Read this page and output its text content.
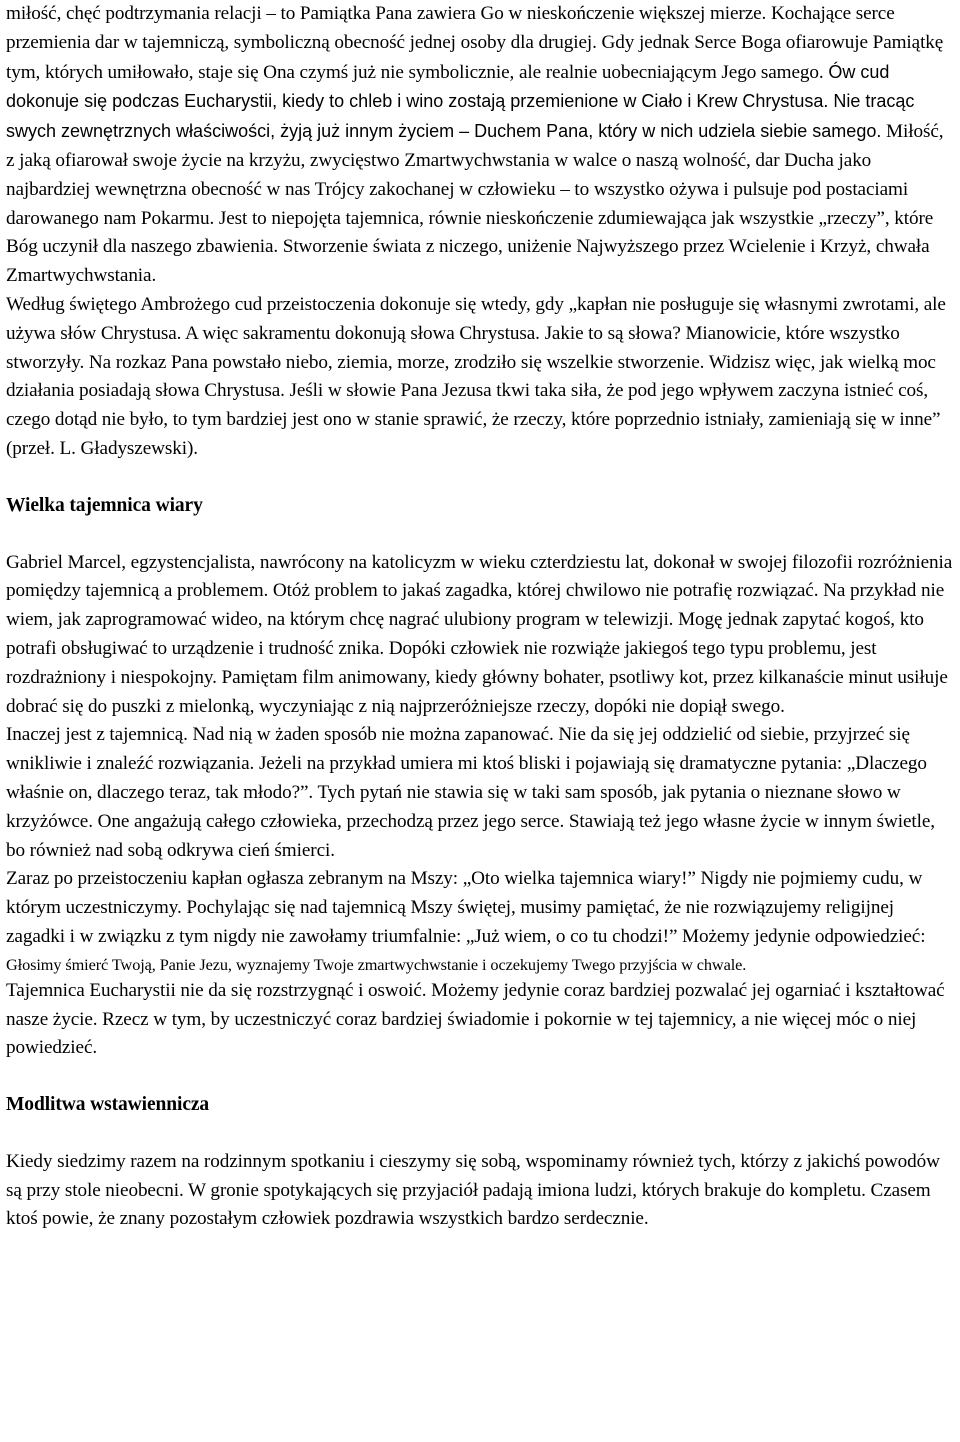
miłość, chęć podtrzymania relacji – to Pamiątka Pana zawiera Go w nieskończenie większej mierze. Kochające serce przemienia dar w tajemniczą, symboliczną obecność jednej osoby dla drugiej. Gdy jednak Serce Boga ofiarowuje Pamiątkę tym, których umiłowało, staje się Ona czymś już nie symbolicznie, ale realnie uobecniającym Jego samego. Ów cud dokonuje się podczas Eucharystii, kiedy to chleb i wino zostają przemienione w Ciało i Krew Chrystusa. Nie tracąc swych zewnętrznych właściwości, żyją już innym życiem – Duchem Pana, który w nich udziela siebie samego. Miłość, z jaką ofiarował swoje życie na krzyżu, zwycięstwo Zmartwychwstania w walce o naszą wolność, dar Ducha jako najbardziej wewnętrzna obecność w nas Trójcy zakochanej w człowieku – to wszystko ożywa i pulsuje pod postaciami darowanego nam Pokarmu. Jest to niepojęta tajemnica, równie nieskończenie zdumiewająca jak wszystkie „rzeczy”, które Bóg uczynił dla naszego zbawienia. Stworzenie świata z niczego, uniżenie Najwyższego przez Wcielenie i Krzyż, chwała Zmartwychwstania.

Według świętego Ambrożego cud przeistoczenia dokonuje się wtedy, gdy „kapłan nie posługuje się własnymi zwrotami, ale używa słów Chrystusa. A więc sakramentu dokonują słowa Chrystusa. Jakie to są słowa? Mianowicie, które wszystko stworzyły. Na rozkaz Pana powstało niebo, ziemia, morze, zrodziło się wszelkie stworzenie. Widzisz więc, jak wielką moc działania posiadają słowa Chrystusa. Jeśli w słowie Pana Jezusa tkwi taka siła, że pod jego wpływem zaczyna istnieć coś, czego dotąd nie było, to tym bardziej jest ono w stanie sprawić, że rzeczy, które poprzednio istniały, zamieniają się w inne” (przeł. L. Gładyszewski).

Wielka tajemnica wiary

Gabriel Marcel, egzystencjalista, nawrócony na katolicyzm w wieku czterdziestu lat, dokonał w swojej filozofii rozróżnienia pomiędzy tajemnicą a problemem. Otóż problem to jakaś zagadka, której chwilowo nie potrafię rozwiązać. Na przykład nie wiem, jak zaprogramować wideo, na którym chcę nagrać ulubiony program w telewizji. Mogę jednak zapytać kogoś, kto potrafi obsługiwać to urządzenie i trudność znika. Dopóki człowiek nie rozwiąże jakiegoś tego typu problemu, jest rozdrażniony i niespokojny. Pamiętam film animowany, kiedy główny bohater, psotliwy kot, przez kilkanaście minut usiłuje dobrać się do puszki z mielonką, wyczyniając z nią najprzeróżniejsze rzeczy, dopóki nie dopiął swego.

Inaczej jest z tajemnicą. Nad nią w żaden sposób nie można zapanować. Nie da się jej oddzielić od siebie, przyjrzeć się wnikliwie i znaleźć rozwiązania. Jeżeli na przykład umiera mi ktoś bliski i pojawiają się dramatyczne pytania: „Dlaczego właśnie on, dlaczego teraz, tak młodo?”. Tych pytań nie stawia się w taki sam sposób, jak pytania o nieznane słowo w krzyżówce. One angażują całego człowieka, przechodzą przez jego serce. Stawiają też jego własne życie w innym świetle, bo również nad sobą odkrywa cień śmierci.

Zaraz po przeistoczeniu kapłan ogłasza zebranym na Mszy: „Oto wielka tajemnica wiary!” Nigdy nie pojmiemy cudu, w którym uczestniczymy. Pochylając się nad tajemnicą Mszy świętej, musimy pamiętać, że nie rozwiązujemy religijnej zagadki i w związku z tym nigdy nie zawołamy triumfalnie: „Już wiem, o co tu chodzi!” Możemy jedynie odpowiedzieć:

Głosimy śmierć Twoją, Panie Jezu, wyznajemy Twoje zmartwychwstanie i oczekujemy Twego przyjścia w chwale.

Tajemnica Eucharystii nie da się rozstrzygnąć i oswoić. Możemy jedynie coraz bardziej pozwalać jej ogarniać i kształtować nasze życie. Rzecz w tym, by uczestniczyć coraz bardziej świadomie i pokornie w tej tajemnicy, a nie więcej móc o niej powiedzieć.

Modlitwa wstawiennicza

Kiedy siedzimy razem na rodzinnym spotkaniu i cieszymy się sobą, wspominamy również tych, którzy z jakichś powodów są przy stole nieobecni. W gronie spotykających się przyjaciół padają imiona ludzi, których brakuje do kompletu. Czasem ktoś powie, że znany pozostałym człowiek pozdrawia wszystkich bardzo serdecznie.
